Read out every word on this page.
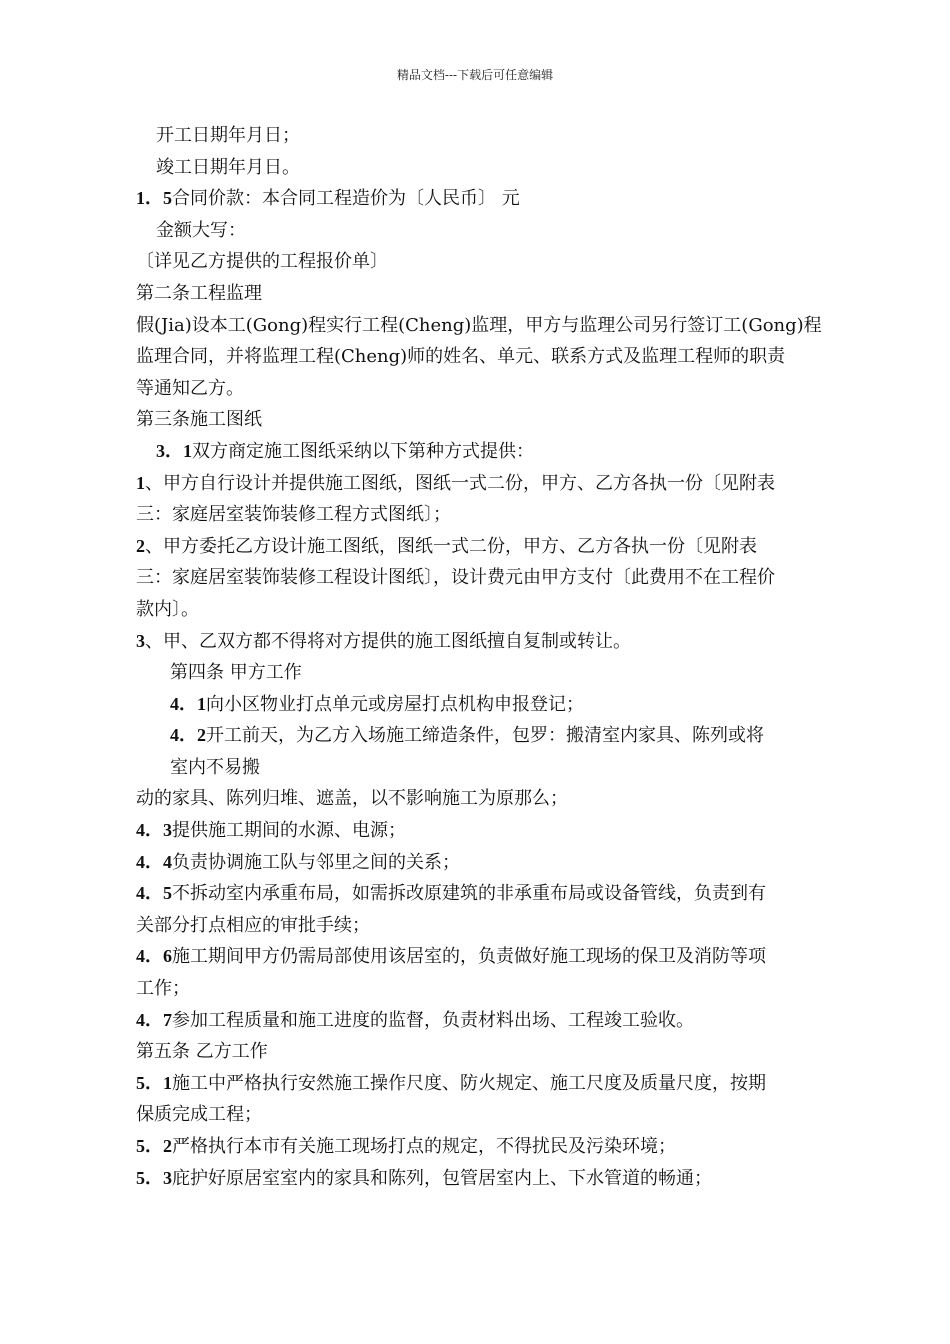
精品文档---下载后可任意编辑
开工日期年月日；
竣工日期年月日。
1．5合同价款：本合同工程造价为〔人民币〕 元
金额大写：
〔详见乙方提供的工程报价单〕
第二条工程监理
假(Jia)设本工(Gong)程实行工程(Cheng)监理，甲方与监理公司另行签订工(Gong)程
监理合同，并将监理工程(Cheng)师的姓名、单元、联系方式及监理工程师的职责
等通知乙方。
第三条施工图纸
3．1双方商定施工图纸采纳以下第种方式提供：
1、甲方自行设计并提供施工图纸，图纸一式二份，甲方、乙方各执一份〔见附表
三：家庭居室装饰装修工程方式图纸〕；
2、甲方委托乙方设计施工图纸，图纸一式二份，甲方、乙方各执一份〔见附表
三：家庭居室装饰装修工程设计图纸〕，设计费元由甲方支付〔此费用不在工程价
款内〕。
3、甲、乙双方都不得将对方提供的施工图纸擅自复制或转让。
第四条 甲方工作
4．1向小区物业打点单元或房屋打点机构申报登记；
4．2开工前天，为乙方入场施工缔造条件，包罗：搬清室内家具、陈列或将
室内不易搬
动的家具、陈列归堆、遮盖，以不影响施工为原那么；
4．3提供施工期间的水源、电源；
4．4负责协调施工队与邻里之间的关系；
4．5不拆动室内承重布局，如需拆改原建筑的非承重布局或设备管线，负责到有
关部分打点相应的审批手续；
4．6施工期间甲方仍需局部使用该居室的，负责做好施工现场的保卫及消防等项
工作；
4．7参加工程质量和施工进度的监督，负责材料出场、工程竣工验收。
第五条 乙方工作
5．1施工中严格执行安然施工操作尺度、防火规定、施工尺度及质量尺度，按期
保质完成工程；
5．2严格执行本市有关施工现场打点的规定，不得扰民及污染环境；
5．3庇护好原居室室内的家具和陈列，包管居室内上、下水管道的畅通；
